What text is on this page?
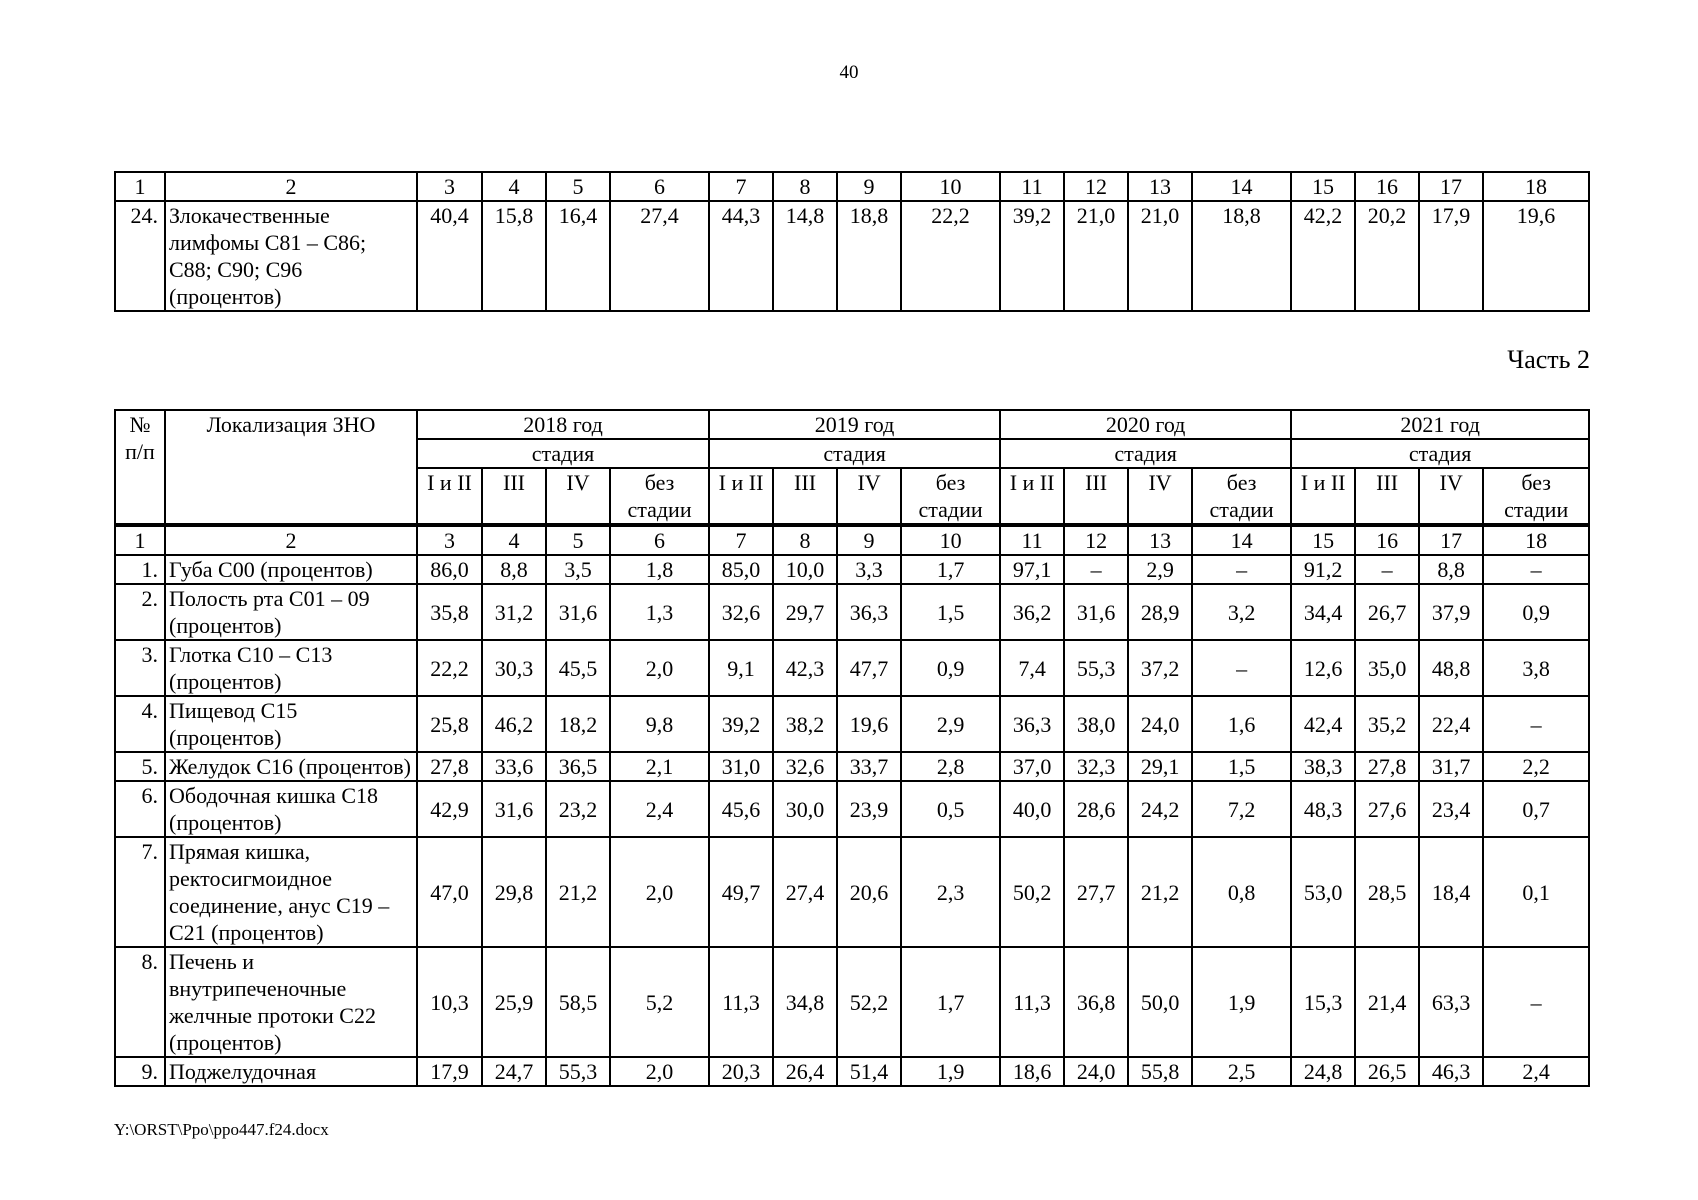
40
1	2	3	4	5	6	7	8	9	10	11	12	13	14	15	16	17	18
24.	Злокачественные лимфомы С81 – С86; С88; С90; С96 (процентов)	40,4	15,8	16,4	27,4	44,3	14,8	18,8	22,2	39,2	21,0	21,0	18,8	42,2	20,2	17,9	19,6
Часть 2
№ п/п	Локализация ЗНО	2018 год				2019 год				2020 год				2021 год			
		стадия				стадия				стадия				стадия			
		I и II	III	IV	без стадии	I и II	III	IV	без стадии	I и II	III	IV	без стадии	I и II	III	IV	без стадии
1	2	3	4	5	6	7	8	9	10	11	12	13	14	15	16	17	18
1.	Губа С00 (процентов)	86,0	8,8	3,5	1,8	85,0	10,0	3,3	1,7	97,1	–	2,9	–	91,2	–	8,8	–
2.	Полость рта С01 – 09 (процентов)	35,8	31,2	31,6	1,3	32,6	29,7	36,3	1,5	36,2	31,6	28,9	3,2	34,4	26,7	37,9	0,9
3.	Глотка С10 – С13 (процентов)	22,2	30,3	45,5	2,0	9,1	42,3	47,7	0,9	7,4	55,3	37,2	–	12,6	35,0	48,8	3,8
4.	Пищевод С15 (процентов)	25,8	46,2	18,2	9,8	39,2	38,2	19,6	2,9	36,3	38,0	24,0	1,6	42,4	35,2	22,4	–
5.	Желудок С16 (процентов)	27,8	33,6	36,5	2,1	31,0	32,6	33,7	2,8	37,0	32,3	29,1	1,5	38,3	27,8	31,7	2,2
6.	Ободочная кишка С18 (процентов)	42,9	31,6	23,2	2,4	45,6	30,0	23,9	0,5	40,0	28,6	24,2	7,2	48,3	27,6	23,4	0,7
7.	Прямая кишка, ректосигмоидное соединение, анус С19 – С21 (процентов)	47,0	29,8	21,2	2,0	49,7	27,4	20,6	2,3	50,2	27,7	21,2	0,8	53,0	28,5	18,4	0,1
8.	Печень и внутрипеченочные желчные протоки С22 (процентов)	10,3	25,9	58,5	5,2	11,3	34,8	52,2	1,7	11,3	36,8	50,0	1,9	15,3	21,4	63,3	–
9.	Поджелудочная	17,9	24,7	55,3	2,0	20,3	26,4	51,4	1,9	18,6	24,0	55,8	2,5	24,8	26,5	46,3	2,4
Y:\ORST\Ppo\ppo447.f24.docx
